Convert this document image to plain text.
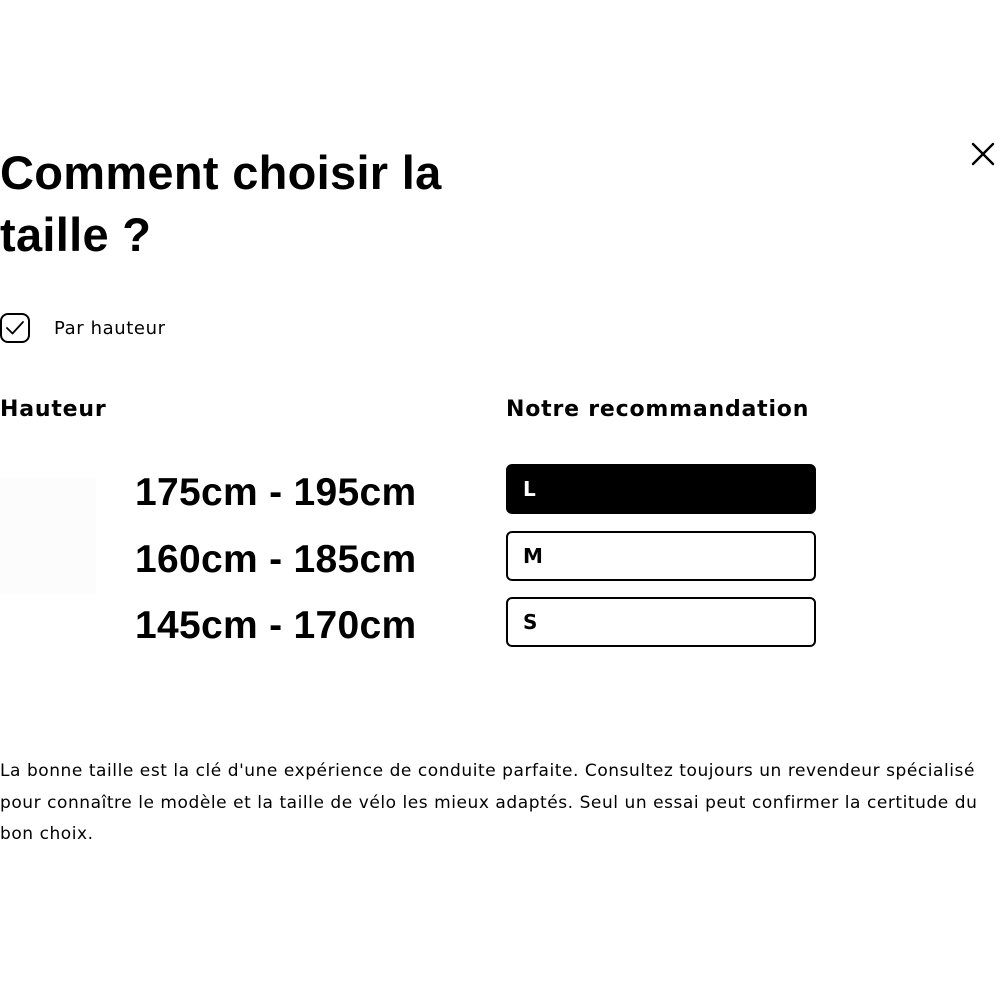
Comment choisir la taille ?
Par hauteur
Hauteur	Notre recommandation
175cm - 195cm	L
160cm - 185cm	M
145cm - 170cm	S

La bonne taille est la clé d'une expérience de conduite parfaite. Consultez toujours un revendeur spécialisé pour connaître le modèle et la taille de vélo les mieux adaptés. Seul un essai peut confirmer la certitude du bon choix.
